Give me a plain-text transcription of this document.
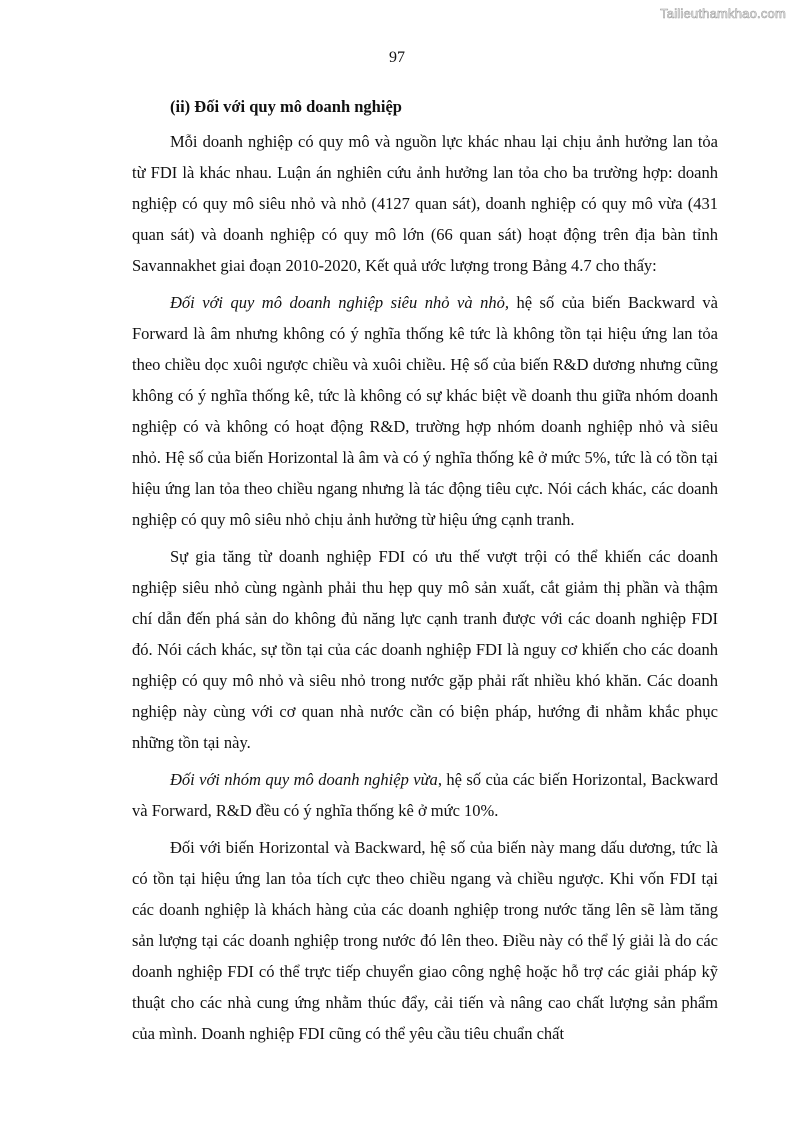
Tailieuthamkhao.com
97
(ii) Đối với quy mô doanh nghiệp

Mỗi doanh nghiệp có quy mô và nguồn lực khác nhau lại chịu ảnh hưởng lan tỏa từ FDI là khác nhau. Luận án nghiên cứu ảnh hưởng lan tỏa cho ba trường hợp: doanh nghiệp có quy mô siêu nhỏ và nhỏ (4127 quan sát), doanh nghiệp có quy mô vừa (431 quan sát) và doanh nghiệp có quy mô lớn (66 quan sát) hoạt động trên địa bàn tỉnh Savannakhet giai đoạn 2010-2020, Kết quả ước lượng trong Bảng 4.7 cho thấy:

Đối với quy mô doanh nghiệp siêu nhỏ và nhỏ, hệ số của biến Backward và Forward là âm nhưng không có ý nghĩa thống kê tức là không tồn tại hiệu ứng lan tỏa theo chiều dọc xuôi ngược chiều và xuôi chiều. Hệ số của biến R&D dương nhưng cũng không có ý nghĩa thống kê, tức là không có sự khác biệt về doanh thu giữa nhóm doanh nghiệp có và không có hoạt động R&D, trường hợp nhóm doanh nghiệp nhỏ và siêu nhỏ. Hệ số của biến Horizontal là âm và có ý nghĩa thống kê ở mức 5%, tức là có tồn tại hiệu ứng lan tỏa theo chiều ngang nhưng là tác động tiêu cực. Nói cách khác, các doanh nghiệp có quy mô siêu nhỏ chịu ảnh hưởng từ hiệu ứng cạnh tranh.

Sự gia tăng từ doanh nghiệp FDI có ưu thế vượt trội có thể khiến các doanh nghiệp siêu nhỏ cùng ngành phải thu hẹp quy mô sản xuất, cắt giảm thị phần và thậm chí dẫn đến phá sản do không đủ năng lực cạnh tranh được với các doanh nghiệp FDI đó. Nói cách khác, sự tồn tại của các doanh nghiệp FDI là nguy cơ khiến cho các doanh nghiệp có quy mô nhỏ và siêu nhỏ trong nước gặp phải rất nhiều khó khăn. Các doanh nghiệp này cùng với cơ quan nhà nước cần có biện pháp, hướng đi nhằm khắc phục những tồn tại này.

Đối với nhóm quy mô doanh nghiệp vừa, hệ số của các biến Horizontal, Backward và Forward, R&D đều có ý nghĩa thống kê ở mức 10%.

Đối với biến Horizontal và Backward, hệ số của biến này mang dấu dương, tức là có tồn tại hiệu ứng lan tỏa tích cực theo chiều ngang và chiều ngược. Khi vốn FDI tại các doanh nghiệp là khách hàng của các doanh nghiệp trong nước tăng lên sẽ làm tăng sản lượng tại các doanh nghiệp trong nước đó lên theo. Điều này có thể lý giải là do các doanh nghiệp FDI có thể trực tiếp chuyển giao công nghệ hoặc hỗ trợ các giải pháp kỹ thuật cho các nhà cung ứng nhằm thúc đẩy, cải tiến và nâng cao chất lượng sản phẩm của mình. Doanh nghiệp FDI cũng có thể yêu cầu tiêu chuẩn chất
